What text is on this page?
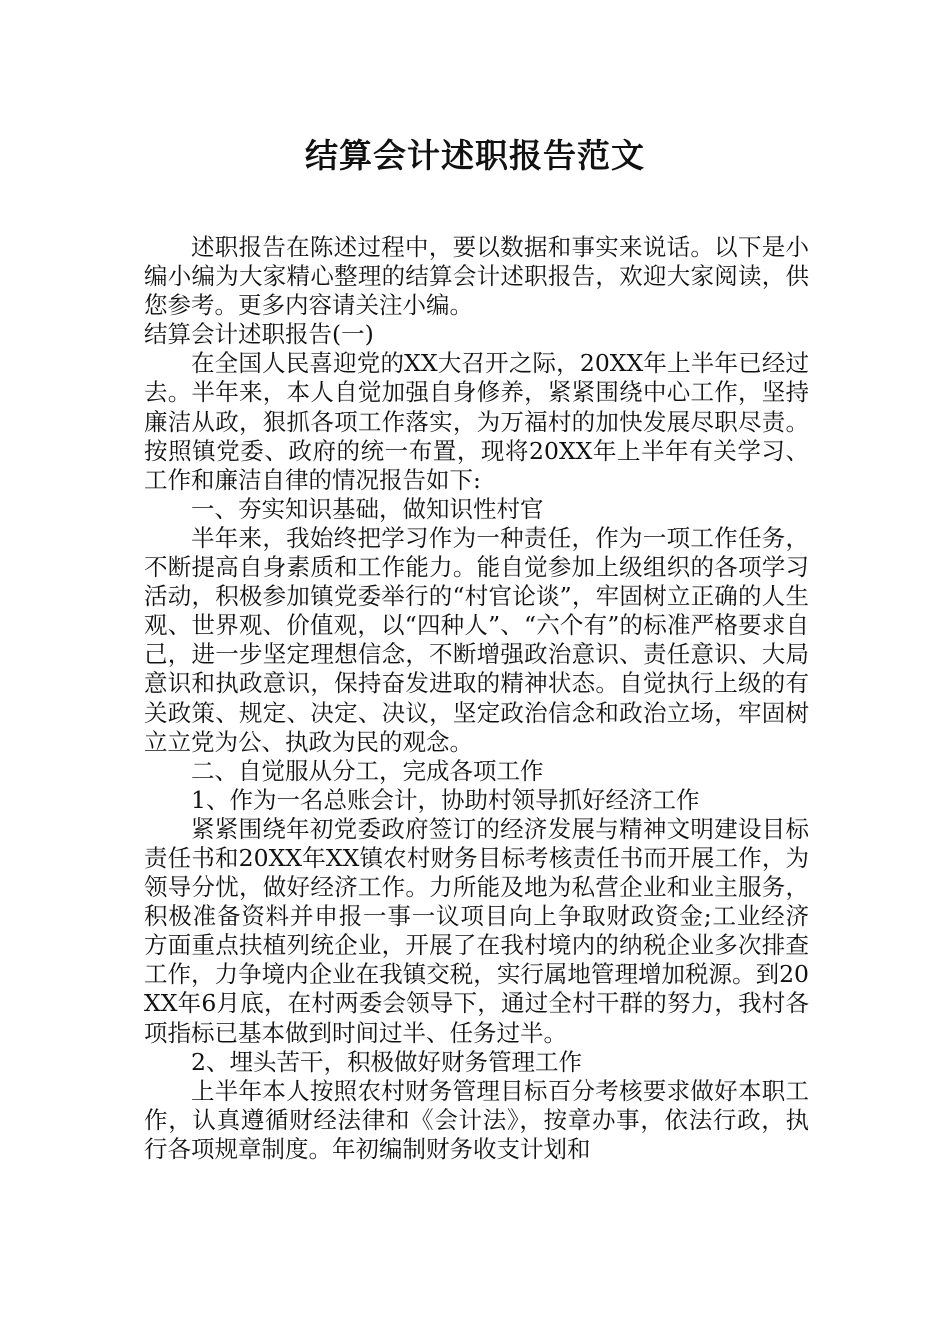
结算会计述职报告范文

述职报告在陈述过程中，要以数据和事实来说话。以下是小编小编为大家精心整理的结算会计述职报告，欢迎大家阅读，供您参考。更多内容请关注小编。

结算会计述职报告(一)

在全国人民喜迎党的XX大召开之际，20XX年上半年已经过去。半年来，本人自觉加强自身修养，紧紧围绕中心工作，坚持廉洁从政，狠抓各项工作落实，为万福村的加快发展尽职尽责。按照镇党委、政府的统一布置，现将20XX年上半年有关学习、工作和廉洁自律的情况报告如下:

一、夯实知识基础，做知识性村官

半年来，我始终把学习作为一种责任，作为一项工作任务，不断提高自身素质和工作能力。能自觉参加上级组织的各项学习活动，积极参加镇党委举行的“村官论谈”，牢固树立正确的人生观、世界观、价值观，以“四种人”、“六个有”的标准严格要求自己，进一步坚定理想信念，不断增强政治意识、责任意识、大局意识和执政意识，保持奋发进取的精神状态。自觉执行上级的有关政策、规定、决定、决议，坚定政治信念和政治立场，牢固树立立党为公、执政为民的观念。

二、自觉服从分工，完成各项工作

1、作为一名总账会计，协助村领导抓好经济工作

紧紧围绕年初党委政府签订的经济发展与精神文明建设目标责任书和20XX年XX镇农村财务目标考核责任书而开展工作，为领导分忧，做好经济工作。力所能及地为私营企业和业主服务，积极准备资料并申报一事一议项目向上争取财政资金;工业经济方面重点扶植列统企业，开展了在我村境内的纳税企业多次排查工作，力争境内企业在我镇交税，实行属地管理增加税源。到20XX年6月底，在村两委会领导下，通过全村干群的努力，我村各项指标已基本做到时间过半、任务过半。

2、埋头苦干，积极做好财务管理工作

上半年本人按照农村财务管理目标百分考核要求做好本职工作，认真遵循财经法律和《会计法》，按章办事，依法行政，执行各项规章制度。年初编制财务收支计划和
